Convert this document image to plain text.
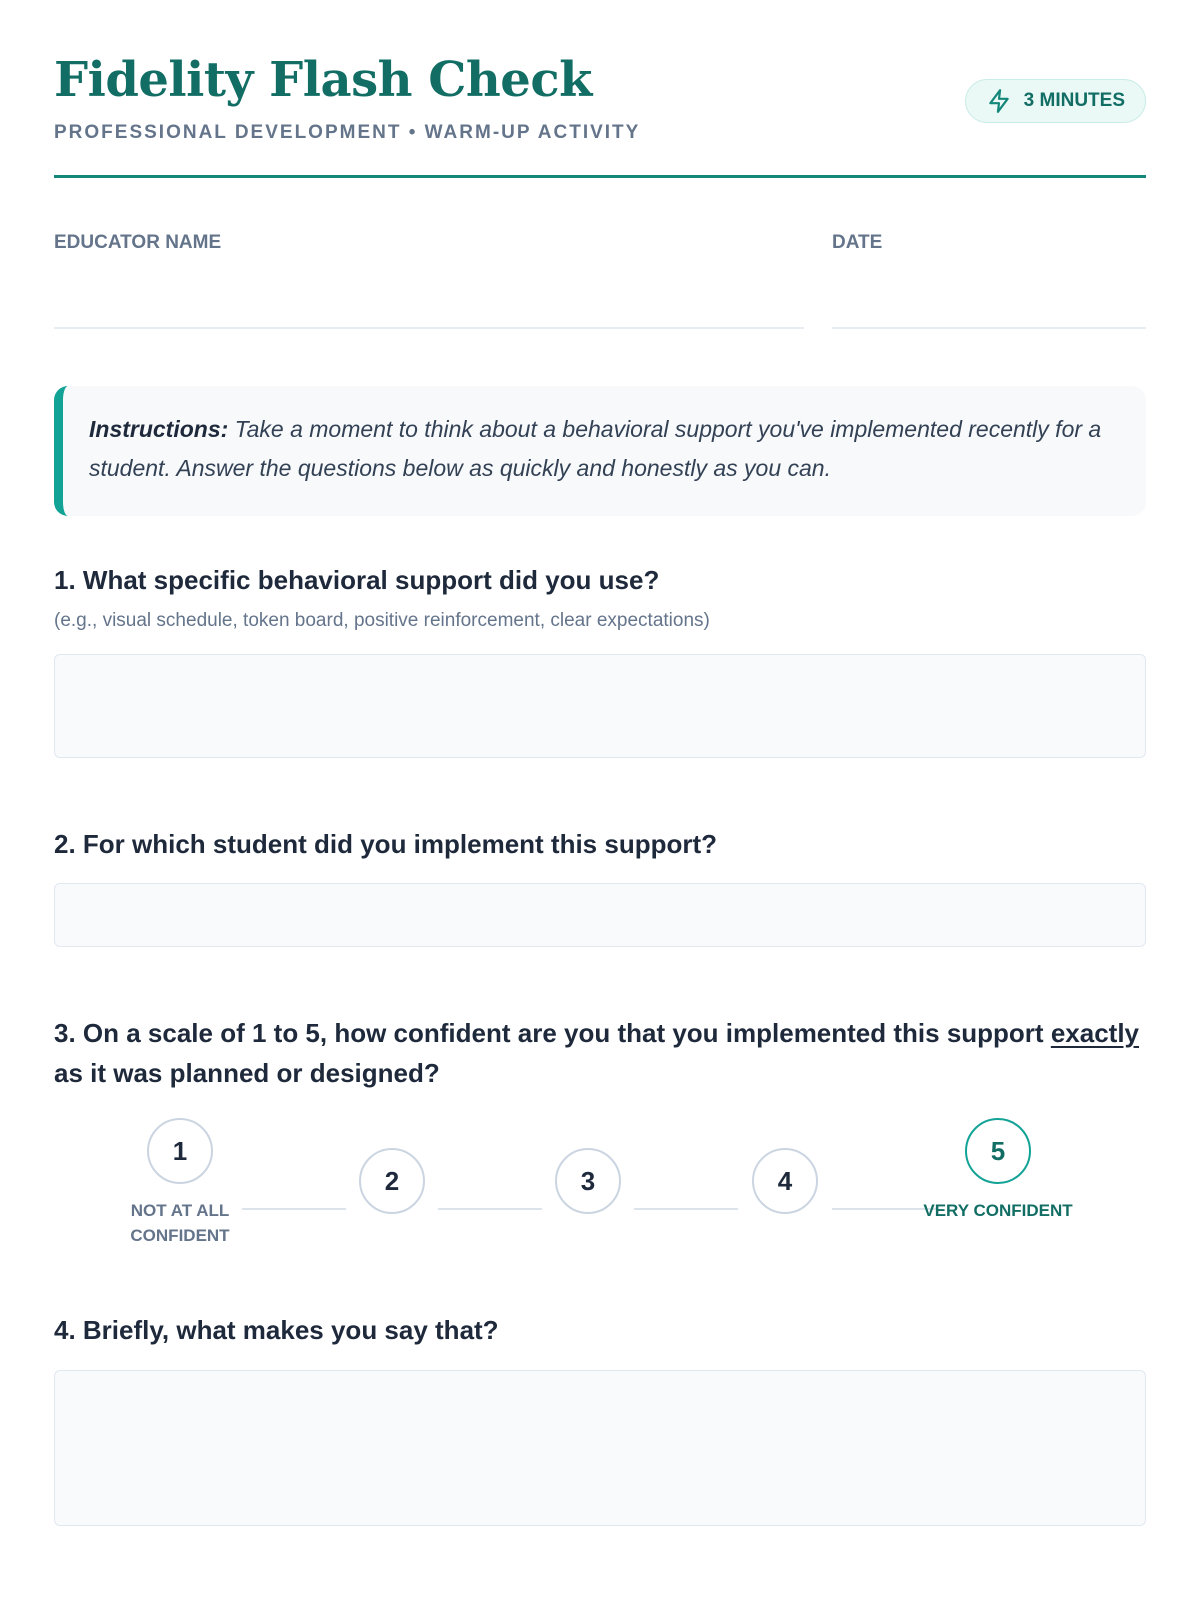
Fidelity Flash Check
PROFESSIONAL DEVELOPMENT • WARM-UP ACTIVITY
3 MINUTES
EDUCATOR NAME	DATE
Instructions: Take a moment to think about a behavioral support you've implemented recently for a student. Answer the questions below as quickly and honestly as you can.
1. What specific behavioral support did you use?
(e.g., visual schedule, token board, positive reinforcement, clear expectations)
2. For which student did you implement this support?
3. On a scale of 1 to 5, how confident are you that you implemented this support exactly as it was planned or designed?
1
2	3	4
5
NOT AT ALL CONFIDENT
VERY CONFIDENT
4. Briefly, what makes you say that?
